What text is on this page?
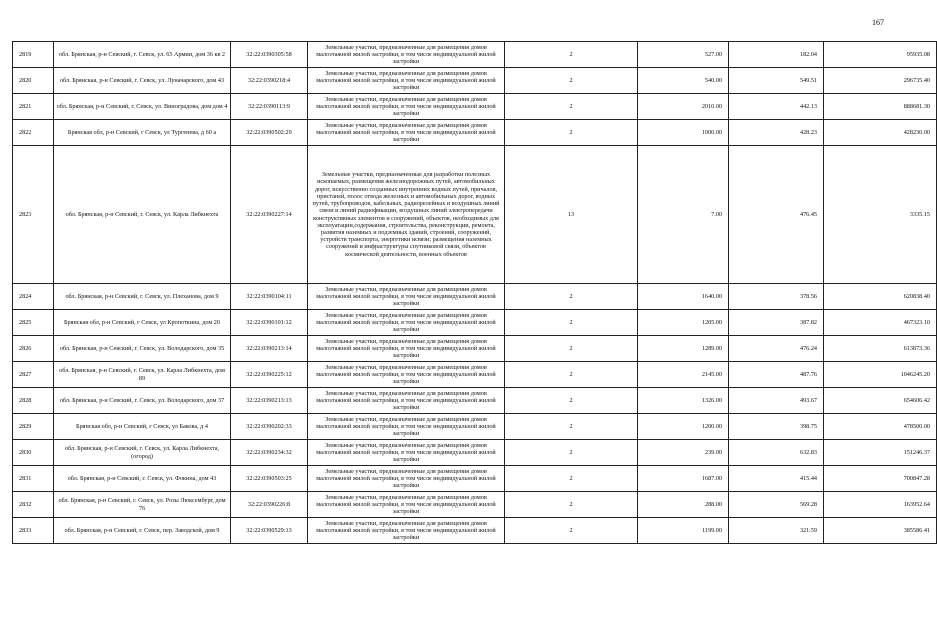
167
2819	обл. Брянская, р-н Севский, г. Севск, ул. 65 Армии, дом 36 кв 2	32:22:0390305:58	Земельные участки, предназначенные для размещения домов малоэтажной жилой застройки, в том числе индивидуальной жилой застройки	2	527.00	182.04	95935.08
2820	обл. Брянская, р-н Севский, г. Севск, ул. Луначарского, дом 43	32:22:0390218:4	Земельные участки, предназначенные для размещения домов малоэтажной жилой застройки, в том числе индивидуальной жилой застройки	2	540.00	549.51	296735.40
2821	обл. Брянская, р-н Севский, г. Севск, ул. Виноградова, дом дом 4	32:22:0390113:9	Земельные участки, предназначенные для размещения домов малоэтажной жилой застройки, в том числе индивидуальной жилой застройки	2	2010.00	442.13	888681.30
2822	Брянская обл, р-н Севский, г Севск, ул Тургенева, д 60 а	32:22:0390502:29	Земельные участки, предназначенные для размещения домов малоэтажной жилой застройки, в том числе индивидуальной жилой застройки	2	1000.00	428.23	428230.00
2823	обл. Брянская, р-н Севский, г. Севск, ул. Карла Либкнехта	32:22:0390227:14	Земельные участки, предназначенные для разработки полезных ископаемых, размещения железнодорожных путей, автомобильных дорог, искусственно созданных внутренних водных путей, причалов, пристаней, полос отвода железных и автомобильных дорог, водных путей, трубопроводов, кабельных, радиорелейных и воздушных линий связи и линий радиофикации, воздушных линий электропередачи конструктивных элементов и сооружений, объектов, необходимых для эксплуатации,содержания, строительства, реконструкции, ремонта, развития наземных и подземных зданий, строений, сооружений, устройств транспорта, энергетики исвязи; размещения наземных сооружений и инфраструктуры спутниковой связи, объектов космической деятельности, военных объектов	13	7.00	476.45	3335.15
2824	обл. Брянская, р-н Севский, г. Севск, ул. Плеханова, дом 9	32:22:0390104:11	Земельные участки, предназначенные для размещения домов малоэтажной жилой застройки, в том числе индивидуальной жилой застройки	2	1640.00	378.56	620838.40
2825	Брянская обл, р-н Севский, г Севск, ул Кропоткина, дом 20	32:22:0390101:12	Земельные участки, предназначенные для размещения домов малоэтажной жилой застройки, в том числе индивидуальной жилой застройки	2	1205.00	387.82	467323.10
2826	обл. Брянская, р-н Севский, г. Севск, ул. Володарского, дом 35	32:22:0390213:14	Земельные участки, предназначенные для размещения домов малоэтажной жилой застройки, в том числе индивидуальной жилой застройки	2	1289.00	476.24	613873.36
2827	обл. Брянская, р-н Севский, г. Севск, ул. Карла Либкнехта, дом 89	32:22:0390225:12	Земельные участки, предназначенные для размещения домов малоэтажной жилой застройки, в том числе индивидуальной жилой застройки	2	2145.00	487.76	1046245.20
2828	обл. Брянская, р-н Севский, г. Севск, ул. Володарского, дом 37	32:22:0390213:13	Земельные участки, предназначенные для размещения домов малоэтажной жилой застройки, в том числе индивидуальной жилой застройки	2	1326.00	493.67	654606.42
2829	Брянская обл, р-н Севский, г Севск, ул Бакова, д 4	32:22:0390202:33	Земельные участки, предназначенные для размещения домов малоэтажной жилой застройки, в том числе индивидуальной жилой застройки	2	1200.00	398.75	478500.00
2830	обл. Брянская, р-н Севский, г. Севск, ул. Карла Либкнехта, (огород)	32:22:0390234:32	Земельные участки, предназначенные для размещения домов малоэтажной жилой застройки, в том числе индивидуальной жилой застройки	2	239.00	632.83	151246.37
2831	обл. Брянская, р-н Севский, г. Севск, ул. Фокина, дом 43	32:22:0390503:25	Земельные участки, предназначенные для размещения домов малоэтажной жилой застройки, в том числе индивидуальной жилой застройки	2	1687.00	415.44	700847.28
2832	обл. Брянская, р-н Севский, г. Севск, ул. Розы Люксембург, дом 76	32:22:0390226:8	Земельные участки, предназначенные для размещения домов малоэтажной жилой застройки, в том числе индивидуальной жилой застройки	2	288.00	569.28	163952.64
2833	обл. Брянская, р-н Севский, г. Севск, пер. Заводской, дом 9	32:22:0390529:13	Земельные участки, предназначенные для размещения домов малоэтажной жилой застройки, в том числе индивидуальной жилой застройки	2	1199.00	321.59	385586.41
